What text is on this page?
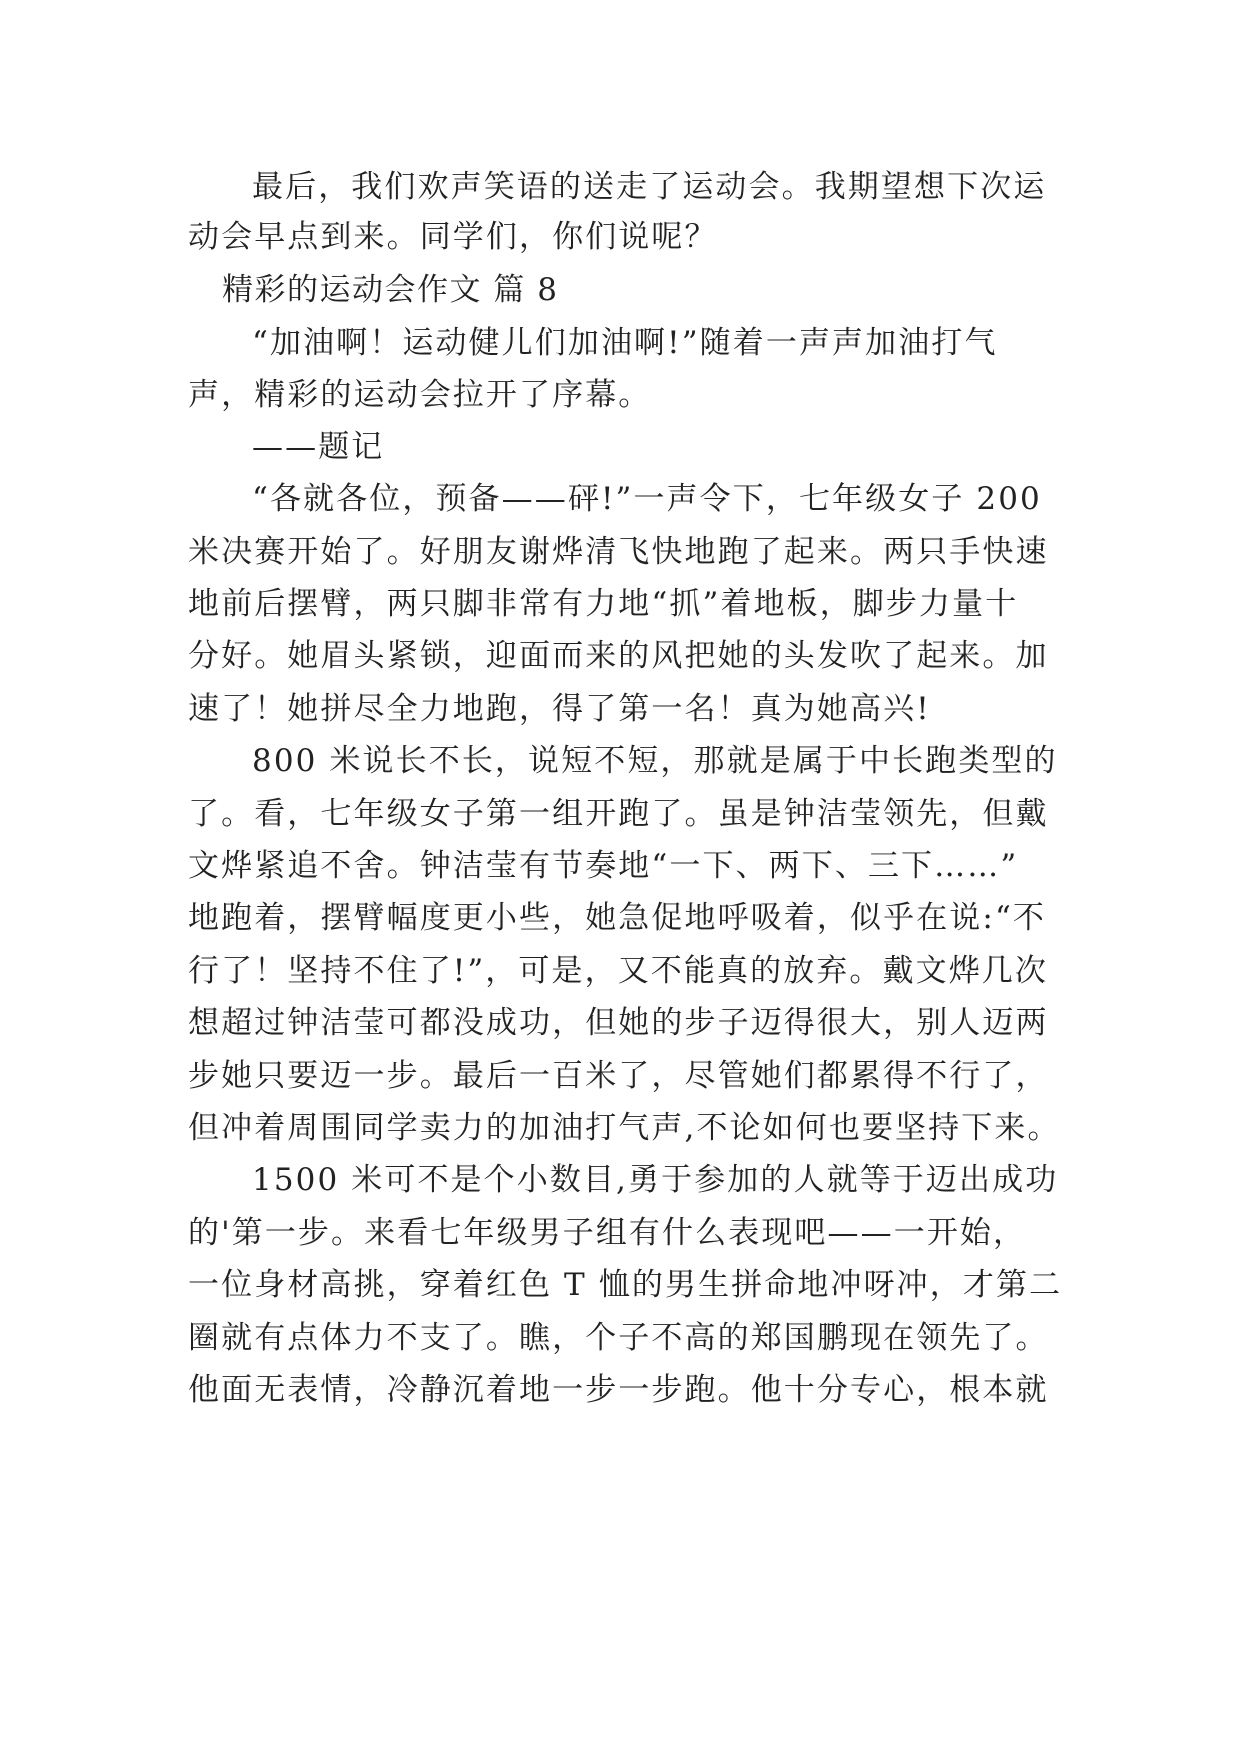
最后，我们欢声笑语的送走了运动会。我期望想下次运
动会早点到来。同学们，你们说呢？
精彩的运动会作文 篇 8
“加油啊！运动健儿们加油啊!”随着一声声加油打气
声，精彩的运动会拉开了序幕。
——题记
“各就各位，预备——砰!”一声令下，七年级女子 200
米决赛开始了。好朋友谢烨清飞快地跑了起来。两只手快速
地前后摆臂，两只脚非常有力地“抓”着地板，脚步力量十
分好。她眉头紧锁，迎面而来的风把她的头发吹了起来。加
速了！她拼尽全力地跑，得了第一名！真为她高兴!
800 米说长不长，说短不短，那就是属于中长跑类型的
了。看，七年级女子第一组开跑了。虽是钟洁莹领先，但戴
文烨紧追不舍。钟洁莹有节奏地“一下、两下、三下……”
地跑着，摆臂幅度更小些，她急促地呼吸着，似乎在说:“不
行了！坚持不住了!”，可是，又不能真的放弃。戴文烨几次
想超过钟洁莹可都没成功，但她的步子迈得很大，别人迈两
步她只要迈一步。最后一百米了，尽管她们都累得不行了，
但冲着周围同学卖力的加油打气声,不论如何也要坚持下来。
1500 米可不是个小数目,勇于参加的人就等于迈出成功
的'第一步。来看七年级男子组有什么表现吧——一开始，
一位身材高挑，穿着红色 T 恤的男生拼命地冲呀冲，才第二
圈就有点体力不支了。瞧，个子不高的郑国鹏现在领先了。
他面无表情，冷静沉着地一步一步跑。他十分专心，根本就
